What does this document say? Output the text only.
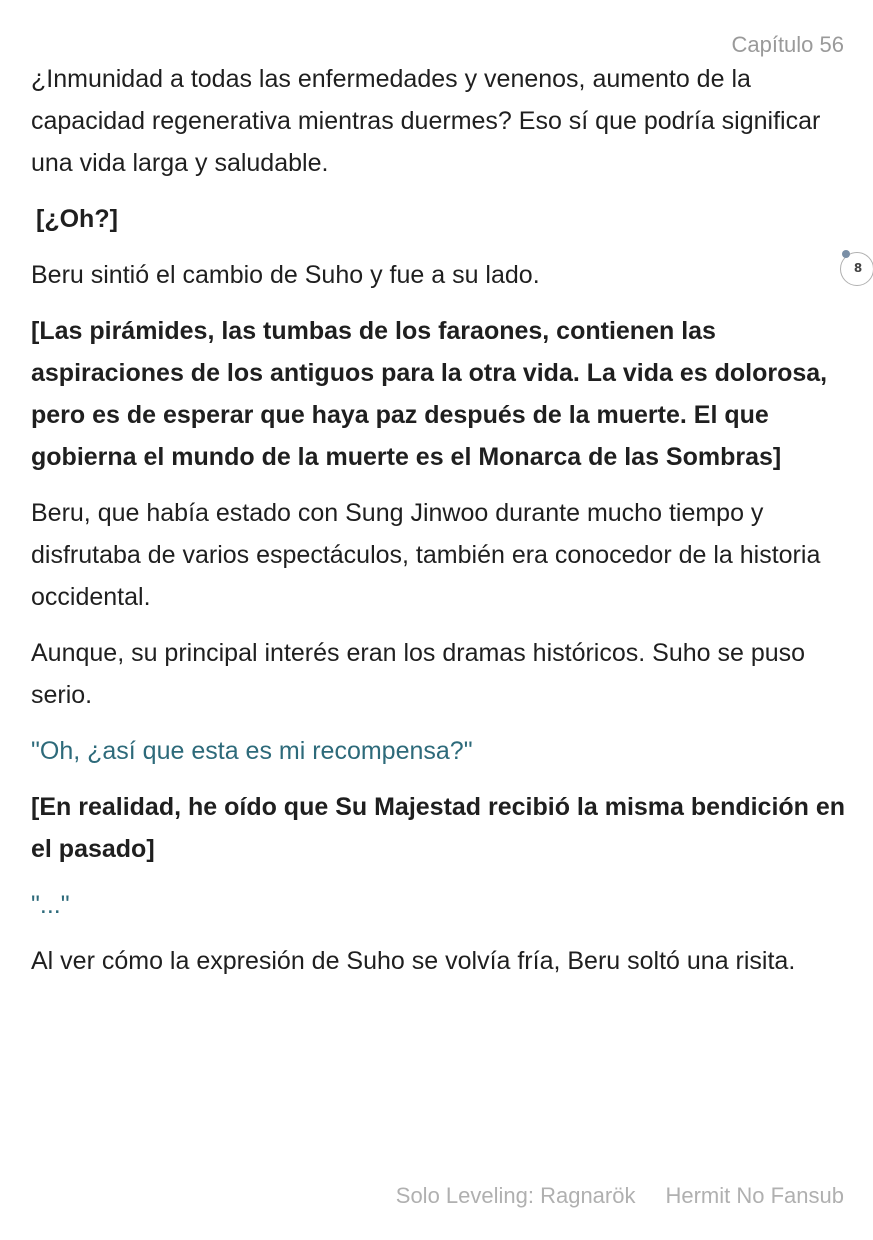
Capítulo 56

¿Inmunidad a todas las enfermedades y venenos, aumento de la capacidad regenerativa mientras duermes? Eso sí que podría significar una vida larga y saludable.

[¿Oh?]

Beru sintió el cambio de Suho y fue a su lado.

[Las pirámides, las tumbas de los faraones, contienen las aspiraciones de los antiguos para la otra vida. La vida es dolorosa, pero es de esperar que haya paz después de la muerte. El que gobierna el mundo de la muerte es el Monarca de las Sombras]

Beru, que había estado con Sung Jinwoo durante mucho tiempo y disfrutaba de varios espectáculos, también era conocedor de la historia occidental.

Aunque, su principal interés eran los dramas históricos. Suho se puso serio.

"Oh, ¿así que esta es mi recompensa?"

[En realidad, he oído que Su Majestad recibió la misma bendición en el pasado]

"..."

Al ver cómo la expresión de Suho se volvía fría, Beru soltó una risita.

8
Solo Leveling: Ragnarök Hermit No Fansub
